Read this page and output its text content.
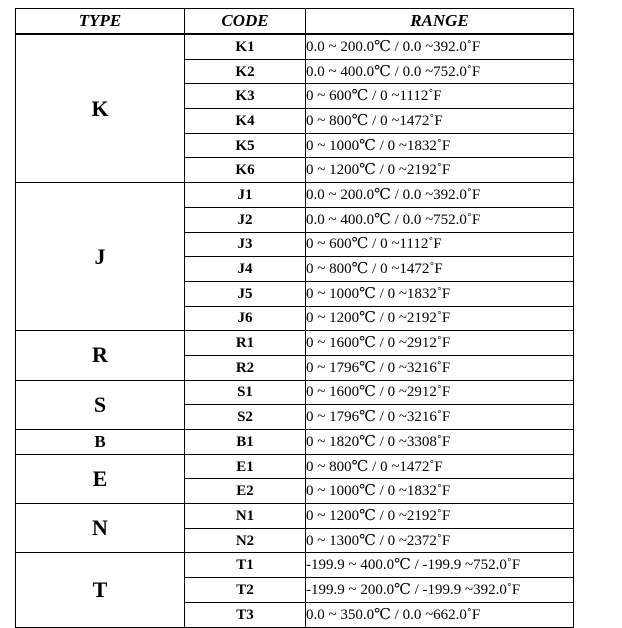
TYPE	CODE	RANGE
K	K1	0.0 ~ 200.0℃ / 0.0 ~392.0˚F
	K2	0.0 ~ 400.0℃ / 0.0 ~752.0˚F
	K3	0 ~ 600℃ / 0 ~1112˚F
	K4	0 ~ 800℃ / 0 ~1472˚F
	K5	0 ~ 1000℃ / 0 ~1832˚F
	K6	0 ~ 1200℃ / 0 ~2192˚F
J	J1	0.0 ~ 200.0℃ / 0.0 ~392.0˚F
	J2	0.0 ~ 400.0℃ / 0.0 ~752.0˚F
	J3	0 ~ 600℃ / 0 ~1112˚F
	J4	0 ~ 800℃ / 0 ~1472˚F
	J5	0 ~ 1000℃ / 0 ~1832˚F
	J6	0 ~ 1200℃ / 0 ~2192˚F
R	R1	0 ~ 1600℃ / 0 ~2912˚F
	R2	0 ~ 1796℃ / 0 ~3216˚F
S	S1	0 ~ 1600℃ / 0 ~2912˚F
	S2	0 ~ 1796℃ / 0 ~3216˚F
B	B1	0 ~ 1820℃ / 0 ~3308˚F
E	E1	0 ~ 800℃ / 0 ~1472˚F
	E2	0 ~ 1000℃ / 0 ~1832˚F
N	N1	0 ~ 1200℃ / 0 ~2192˚F
	N2	0 ~ 1300℃ / 0 ~2372˚F
T	T1	-199.9 ~ 400.0℃ / -199.9 ~752.0˚F
	T2	-199.9 ~ 200.0℃ / -199.9 ~392.0˚F
	T3	0.0 ~ 350.0℃ / 0.0 ~662.0˚F
